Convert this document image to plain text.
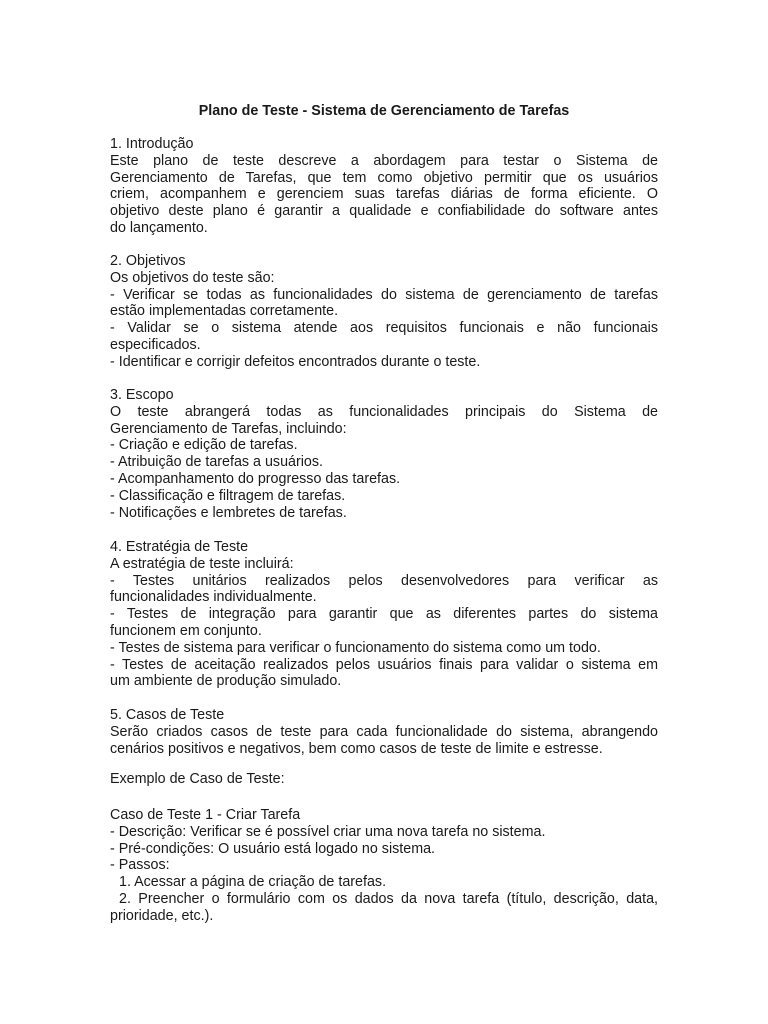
Plano de Teste - Sistema de Gerenciamento de Tarefas
1. Introdução
Este plano de teste descreve a abordagem para testar o Sistema de
Gerenciamento de Tarefas, que tem como objetivo permitir que os usuários
criem, acompanhem e gerenciem suas tarefas diárias de forma eficiente. O
objetivo deste plano é garantir a qualidade e confiabilidade do software antes
do lançamento.
2. Objetivos
Os objetivos do teste são:
- Verificar se todas as funcionalidades do sistema de gerenciamento de tarefas
estão implementadas corretamente.
- Validar se o sistema atende aos requisitos funcionais e não funcionais
especificados.
- Identificar e corrigir defeitos encontrados durante o teste.
3. Escopo
O teste abrangerá todas as funcionalidades principais do Sistema de
Gerenciamento de Tarefas, incluindo:
- Criação e edição de tarefas.
- Atribuição de tarefas a usuários.
- Acompanhamento do progresso das tarefas.
- Classificação e filtragem de tarefas.
- Notificações e lembretes de tarefas.
4. Estratégia de Teste
A estratégia de teste incluirá:
- Testes unitários realizados pelos desenvolvedores para verificar as
funcionalidades individualmente.
- Testes de integração para garantir que as diferentes partes do sistema
funcionem em conjunto.
- Testes de sistema para verificar o funcionamento do sistema como um todo.
- Testes de aceitação realizados pelos usuários finais para validar o sistema em
um ambiente de produção simulado.
5. Casos de Teste
Serão criados casos de teste para cada funcionalidade do sistema, abrangendo
cenários positivos e negativos, bem como casos de teste de limite e estresse.
Exemplo de Caso de Teste:
Caso de Teste 1 - Criar Tarefa
- Descrição: Verificar se é possível criar uma nova tarefa no sistema.
- Pré-condições: O usuário está logado no sistema.
- Passos:
1. Acessar a página de criação de tarefas.
2. Preencher o formulário com os dados da nova tarefa (título, descrição, data,
prioridade, etc.).
